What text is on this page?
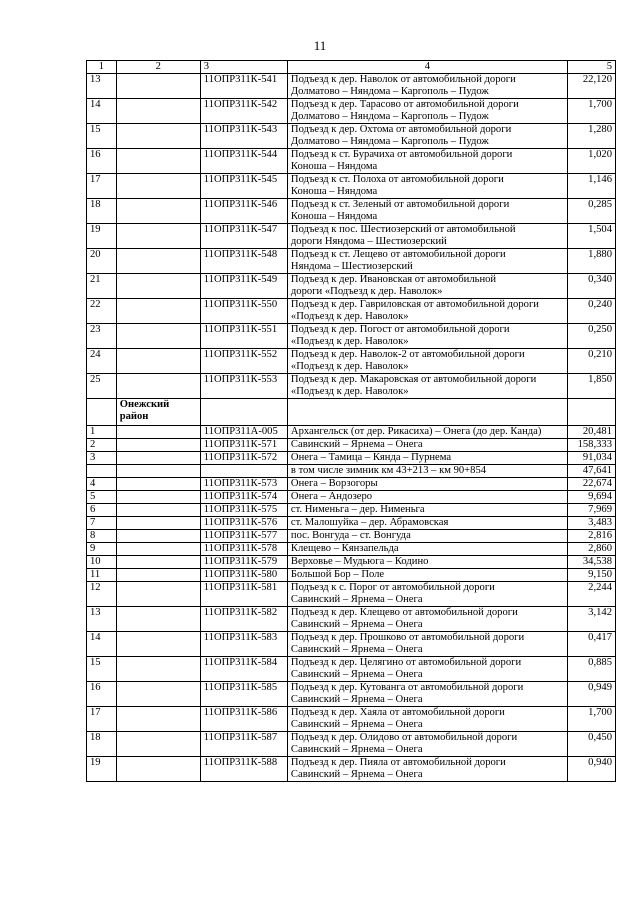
11
1	2	3	4	5
13		11ОПР311К-541	Подъезд к дер. Наволок от автомобильной дороги
Долматово – Няндома – Каргополь – Пудож	22,120
14		11ОПР311К-542	Подъезд к дер. Тарасово от автомобильной дороги
Долматово – Няндома – Каргополь – Пудож	1,700
15		11ОПР311К-543	Подъезд к дер. Охтома от автомобильной дороги
Долматово – Няндома – Каргополь – Пудож	1,280
16		11ОПР311К-544	Подъезд к ст. Бурачиха от автомобильной дороги
Коноша – Няндома	1,020
17		11ОПР311К-545	Подъезд к ст. Полоха от автомобильной дороги
Коноша – Няндома	1,146
18		11ОПР311К-546	Подъезд к ст. Зеленый от автомобильной дороги
Коноша – Няндома	0,285
19		11ОПР311К-547	Подъезд к пос. Шестиозерский от автомобильной
дороги Няндома – Шестиозерский	1,504
20		11ОПР311К-548	Подъезд к ст. Лещево от автомобильной дороги
Няндома – Шестиозерский	1,880
21		11ОПР311К-549	Подъезд к дер. Ивановская от автомобильной
дороги «Подъезд к дер. Наволок»	0,340
22		11ОПР311К-550	Подъезд к дер. Гавриловская от автомобильной дороги
«Подъезд к дер. Наволок»	0,240
23		11ОПР311К-551	Подъезд к дер. Погост от автомобильной дороги
«Подъезд к дер. Наволок»	0,250
24		11ОПР311К-552	Подъезд к дер. Наволок-2 от автомобильной дороги
«Подъезд к дер. Наволок»	0,210
25		11ОПР311К-553	Подъезд к дер. Макаровская от автомобильной дороги
«Подъезд к дер. Наволок»	1,850

	Онежский
район			

1		11ОПР311А-005	Архангельск (от дер. Рикасиха) – Онега (до дер. Канда)	20,481
2		11ОПР311К-571	Савинский – Ярнема – Онега	158,333
3		11ОПР311К-572	Онега – Тамица – Кянда – Пурнема	91,034

			в том числе зимник км 43+213 – км 90+854	47,641
4		11ОПР311К-573	Онега – Ворзогоры	22,674
5		11ОПР311К-574	Онега – Андозеро	9,694
6		11ОПР311К-575	ст. Нименьга – дер. Нименьга	7,969
7		11ОПР311К-576	ст. Малошуйка – дер. Абрамовская	3,483
8		11ОПР311К-577	пос. Вонгуда – ст. Вонгуда	2,816
9		11ОПР311К-578	Клещево – Кянзапельда	2,860
10		11ОПР311К-579	Верховье – Мудьюга – Кодино	34,538
11		11ОПР311К-580	Большой Бор – Поле	9,150
12		11ОПР311К-581	Подъезд к с. Порог от автомобильной дороги
Савинский – Ярнема – Онега	2,244
13		11ОПР311К-582	Подъезд к дер. Клещево от автомобильной дороги
Савинский – Ярнема – Онега	3,142
14		11ОПР311К-583	Подъезд к дер. Прошково от автомобильной дороги
Савинский – Ярнема – Онега	0,417
15		11ОПР311К-584	Подъезд к дер. Целягино от автомобильной дороги
Савинский – Ярнема – Онега	0,885
16		11ОПР311К-585	Подъезд к дер. Кутованга от автомобильной дороги
Савинский – Ярнема – Онега	0,949
17		11ОПР311К-586	Подъезд к дер. Хаяла от автомобильной дороги
Савинский – Ярнема – Онега	1,700
18		11ОПР311К-587	Подъезд к дер. Олидово от автомобильной дороги
Савинский – Ярнема – Онега	0,450
19		11ОПР311К-588	Подъезд к дер. Пияла от автомобильной дороги
Савинский – Ярнема – Онега	0,940
